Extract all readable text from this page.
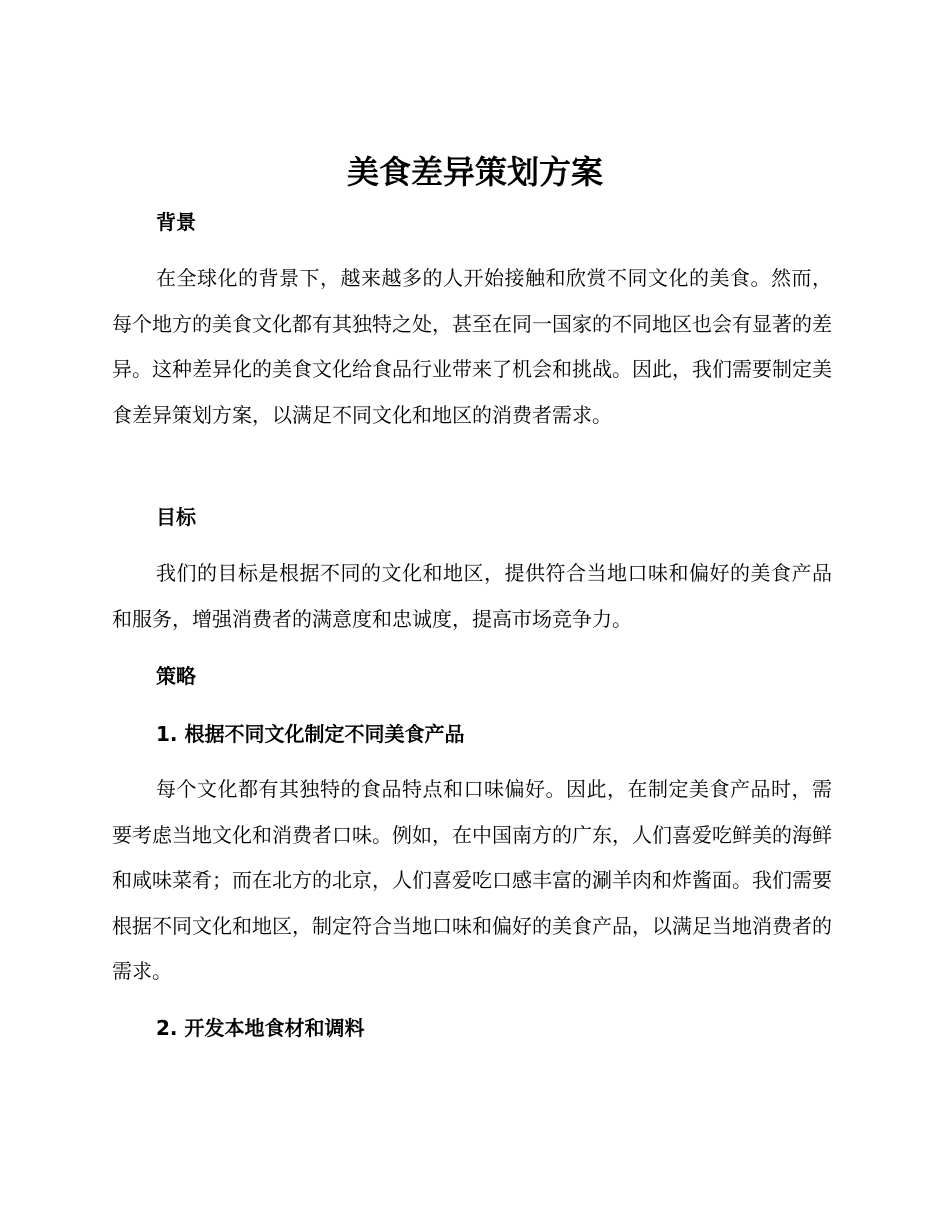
美食差异策划方案
背景

在全球化的背景下，越来越多的人开始接触和欣赏不同文化的美食。然而，每个地方的美食文化都有其独特之处，甚至在同一国家的不同地区也会有显著的差异。这种差异化的美食文化给食品行业带来了机会和挑战。因此，我们需要制定美食差异策划方案，以满足不同文化和地区的消费者需求。

目标

我们的目标是根据不同的文化和地区，提供符合当地口味和偏好的美食产品和服务，增强消费者的满意度和忠诚度，提高市场竞争力。

策略
1. 根据不同文化制定不同美食产品

每个文化都有其独特的食品特点和口味偏好。因此，在制定美食产品时，需要考虑当地文化和消费者口味。例如，在中国南方的广东，人们喜爱吃鲜美的海鲜和咸味菜肴；而在北方的北京，人们喜爱吃口感丰富的涮羊肉和炸酱面。我们需要根据不同文化和地区，制定符合当地口味和偏好的美食产品，以满足当地消费者的需求。

2. 开发本地食材和调料
